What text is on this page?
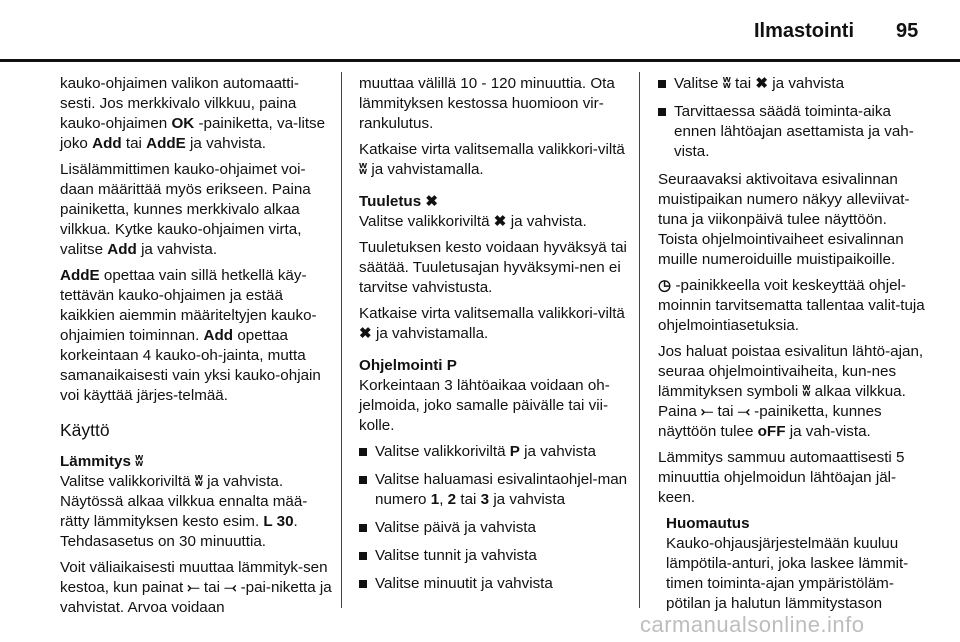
Ilmastointi 95

kauko-ohjaimen valikon automaatti-sesti. Jos merkkivalo vilkkuu, paina kauko-ohjaimen OK -painiketta, va-litse joko Add tai AddE ja vahvista.

Lisälämmittimen kauko-ohjaimet voi-daan määrittää myös erikseen. Paina painiketta, kunnes merkkivalo alkaa vilkkua. Kytke kauko-ohjaimen virta, valitse Add ja vahvista.

AddE opettaa vain sillä hetkellä käy-tettävän kauko-ohjaimen ja estää kaikkien aiemmin määriteltyjen kauko-ohjaimien toiminnan. Add opettaa korkeintaan 4 kauko-oh-jainta, mutta samanaikaisesti vain yksi kauko-ohjain voi käyttää järjes-telmää.

Käyttö
Lämmitys ʬ

Valitse valikkoriviltä ʬ ja vahvista. Näytössä alkaa vilkkua ennalta mää-rätty lämmityksen kesto esim. L 30. Tehdasasetus on 30 minuuttia.

Voit väliaikaisesti muuttaa lämmityk-sen kestoa, kun painat ⤚ tai ⤙ -pai-niketta ja vahvistat. Arvoa voidaan

muuttaa välillä 10 - 120 minuuttia. Ota lämmityksen kestossa huomioon vir-rankulutus.

Katkaise virta valitsemalla valikkori-viltä ʬ ja vahvistamalla.

Tuuletus ✖

Valitse valikkoriviltä ✖ ja vahvista.

Tuuletuksen kesto voidaan hyväksyä tai säätää. Tuuletusajan hyväksymi-nen ei tarvitse vahvistusta.

Katkaise virta valitsemalla valikkori-viltä ✖ ja vahvistamalla.

Ohjelmointi P

Korkeintaan 3 lähtöaikaa voidaan oh-jelmoida, joko samalle päivälle tai vii-kolle.

Valitse valikkoriviltä P ja vahvista
Valitse haluamasi esivalintaohjel-man numero 1, 2 tai 3 ja vahvista
Valitse päivä ja vahvista
Valitse tunnit ja vahvista
Valitse minuutit ja vahvista
Valitse ʬ tai ✖ ja vahvista
Tarvittaessa säädä toiminta-aika ennen lähtöajan asettamista ja vah-vista.

Seuraavaksi aktivoitava esivalinnan muistipaikan numero näkyy alleviivat-tuna ja viikonpäivä tulee näyttöön. Toista ohjelmointivaiheet esivalinnan muille numeroiduille muistipaikoille.

◷ -painikkeella voit keskeyttää ohjel-moinnin tarvitsematta tallentaa valit-tuja ohjelmointiasetuksia.

Jos haluat poistaa esivalitun lähtö-ajan, seuraa ohjelmointivaiheita, kun-nes lämmityksen symboli ʬ alkaa vilkkua. Paina ⤚ tai ⤙ -painiketta, kunnes näyttöön tulee oFF ja vah-vista.

Lämmitys sammuu automaattisesti 5 minuuttia ohjelmoidun lähtöajan jäl-keen.

Huomautus
Kauko-ohjausjärjestelmään kuuluu lämpötila-anturi, joka laskee lämmit-timen toiminta-ajan ympäristöläm-pötilan ja halutun lämmitystason
carmanualsonline.info
